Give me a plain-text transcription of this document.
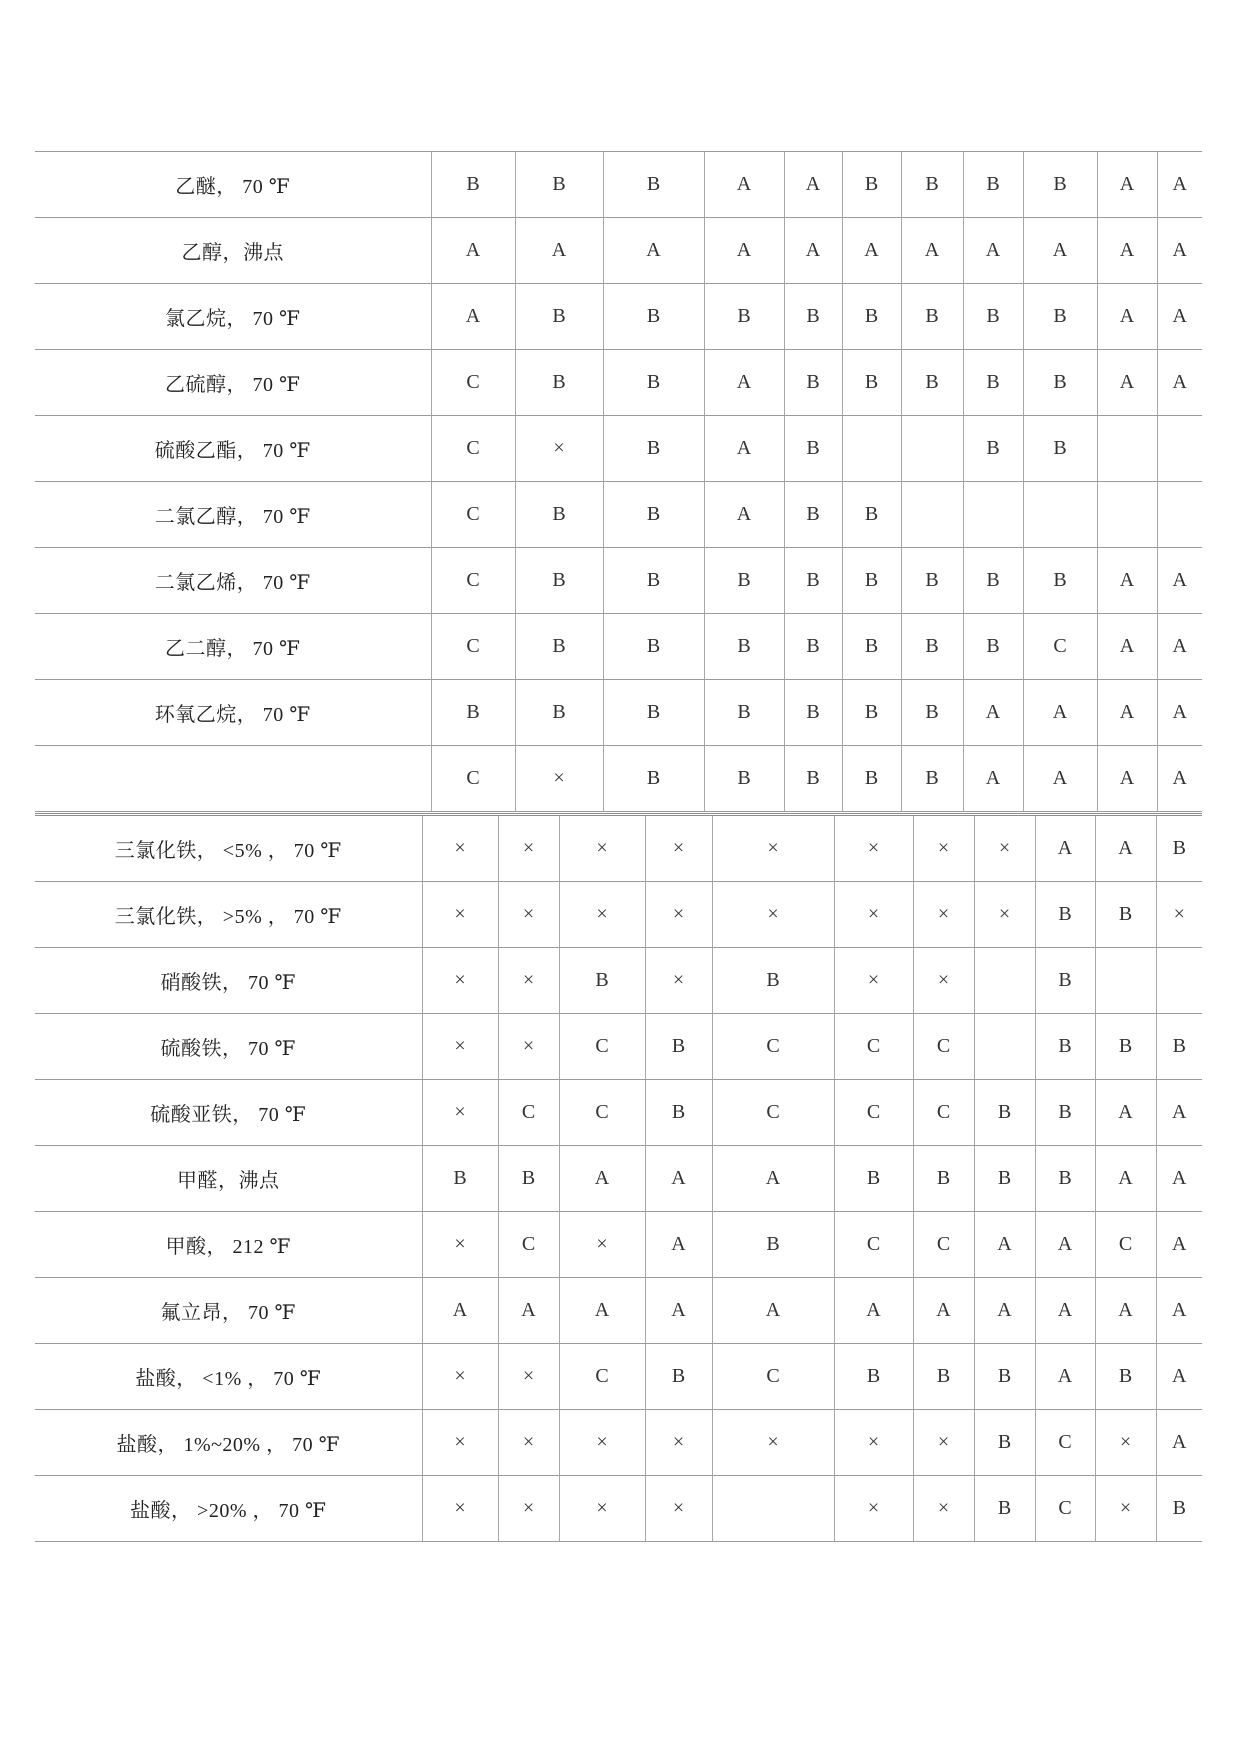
乙醚， 70 ℉	B	B	B	A	A	B	B	B	B	A	A
乙醇，沸点	A	A	A	A	A	A	A	A	A	A	A
氯乙烷， 70 ℉	A	B	B	B	B	B	B	B	B	A	A
乙硫醇， 70 ℉	C	B	B	A	B	B	B	B	B	A	A
硫酸乙酯， 70 ℉	C	×	B	A	B			B	B		
二氯乙醇， 70 ℉	C	B	B	A	B	B					
二氯乙烯， 70 ℉	C	B	B	B	B	B	B	B	B	A	A
乙二醇， 70 ℉	C	B	B	B	B	B	B	B	C	A	A
环氧乙烷， 70 ℉	B	B	B	B	B	B	B	A	A	A	A
	C	×	B	B	B	B	B	A	A	A	A
三氯化铁， <5% ， 70 ℉	×	×	×	×	×	×	×	×	A	A	B
三氯化铁， >5% ， 70 ℉	×	×	×	×	×	×	×	×	B	B	×
硝酸铁， 70 ℉	×	×	B	×	B	×	×		B		
硫酸铁， 70 ℉	×	×	C	B	C	C	C		B	B	B
硫酸亚铁， 70 ℉	×	C	C	B	C	C	C	B	B	A	A
甲醛，沸点	B	B	A	A	A	B	B	B	B	A	A
甲酸， 212 ℉	×	C	×	A	B	C	C	A	A	C	A
氟立昂， 70 ℉	A	A	A	A	A	A	A	A	A	A	A
盐酸， <1% ， 70 ℉	×	×	C	B	C	B	B	B	A	B	A
盐酸， 1%~20% ， 70 ℉	×	×	×	×	×	×	×	B	C	×	A
盐酸， >20% ， 70 ℉	×	×	×	×		×	×	B	C	×	B
